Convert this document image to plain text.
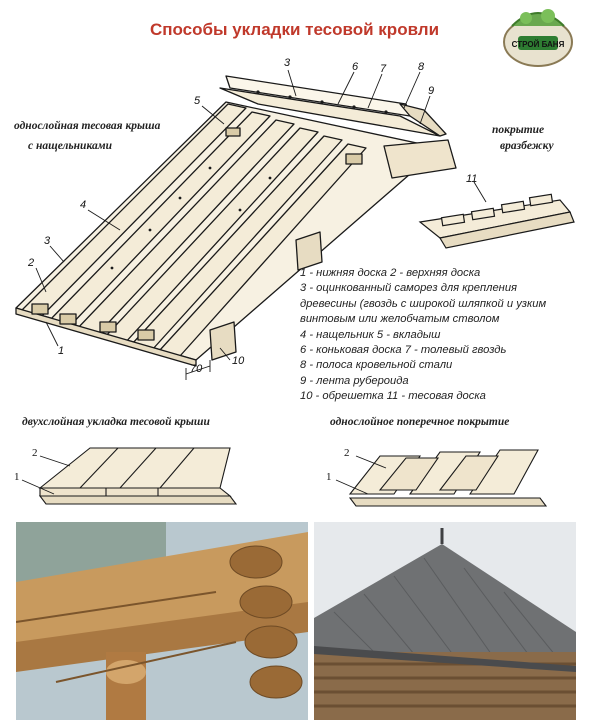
Способы укладки тесовой кровли
СТРОЙ БАНЯ
3	6 7	8
9
5
4
3
2
1
10
70
11
однослойная тесовая крыша
с нащельниками
покрытие
вразбежку
1 - нижняя доска 2 - верхняя доска
3 - оцинкованный саморез для крепления
древесины (гвоздь с широкой шляпкой и узким
винтовым или желобчатым стволом
4 - нащельник 5 - вкладыш
6 - коньковая доска 7 - толевый гвоздь
8 - полоса кровельной стали
9 - лента рубероида
10 - обрешетка 11 - тесовая доска
двухслойная укладка тесовой крыши	однослойное поперечное покрытие
2
1
2
1
